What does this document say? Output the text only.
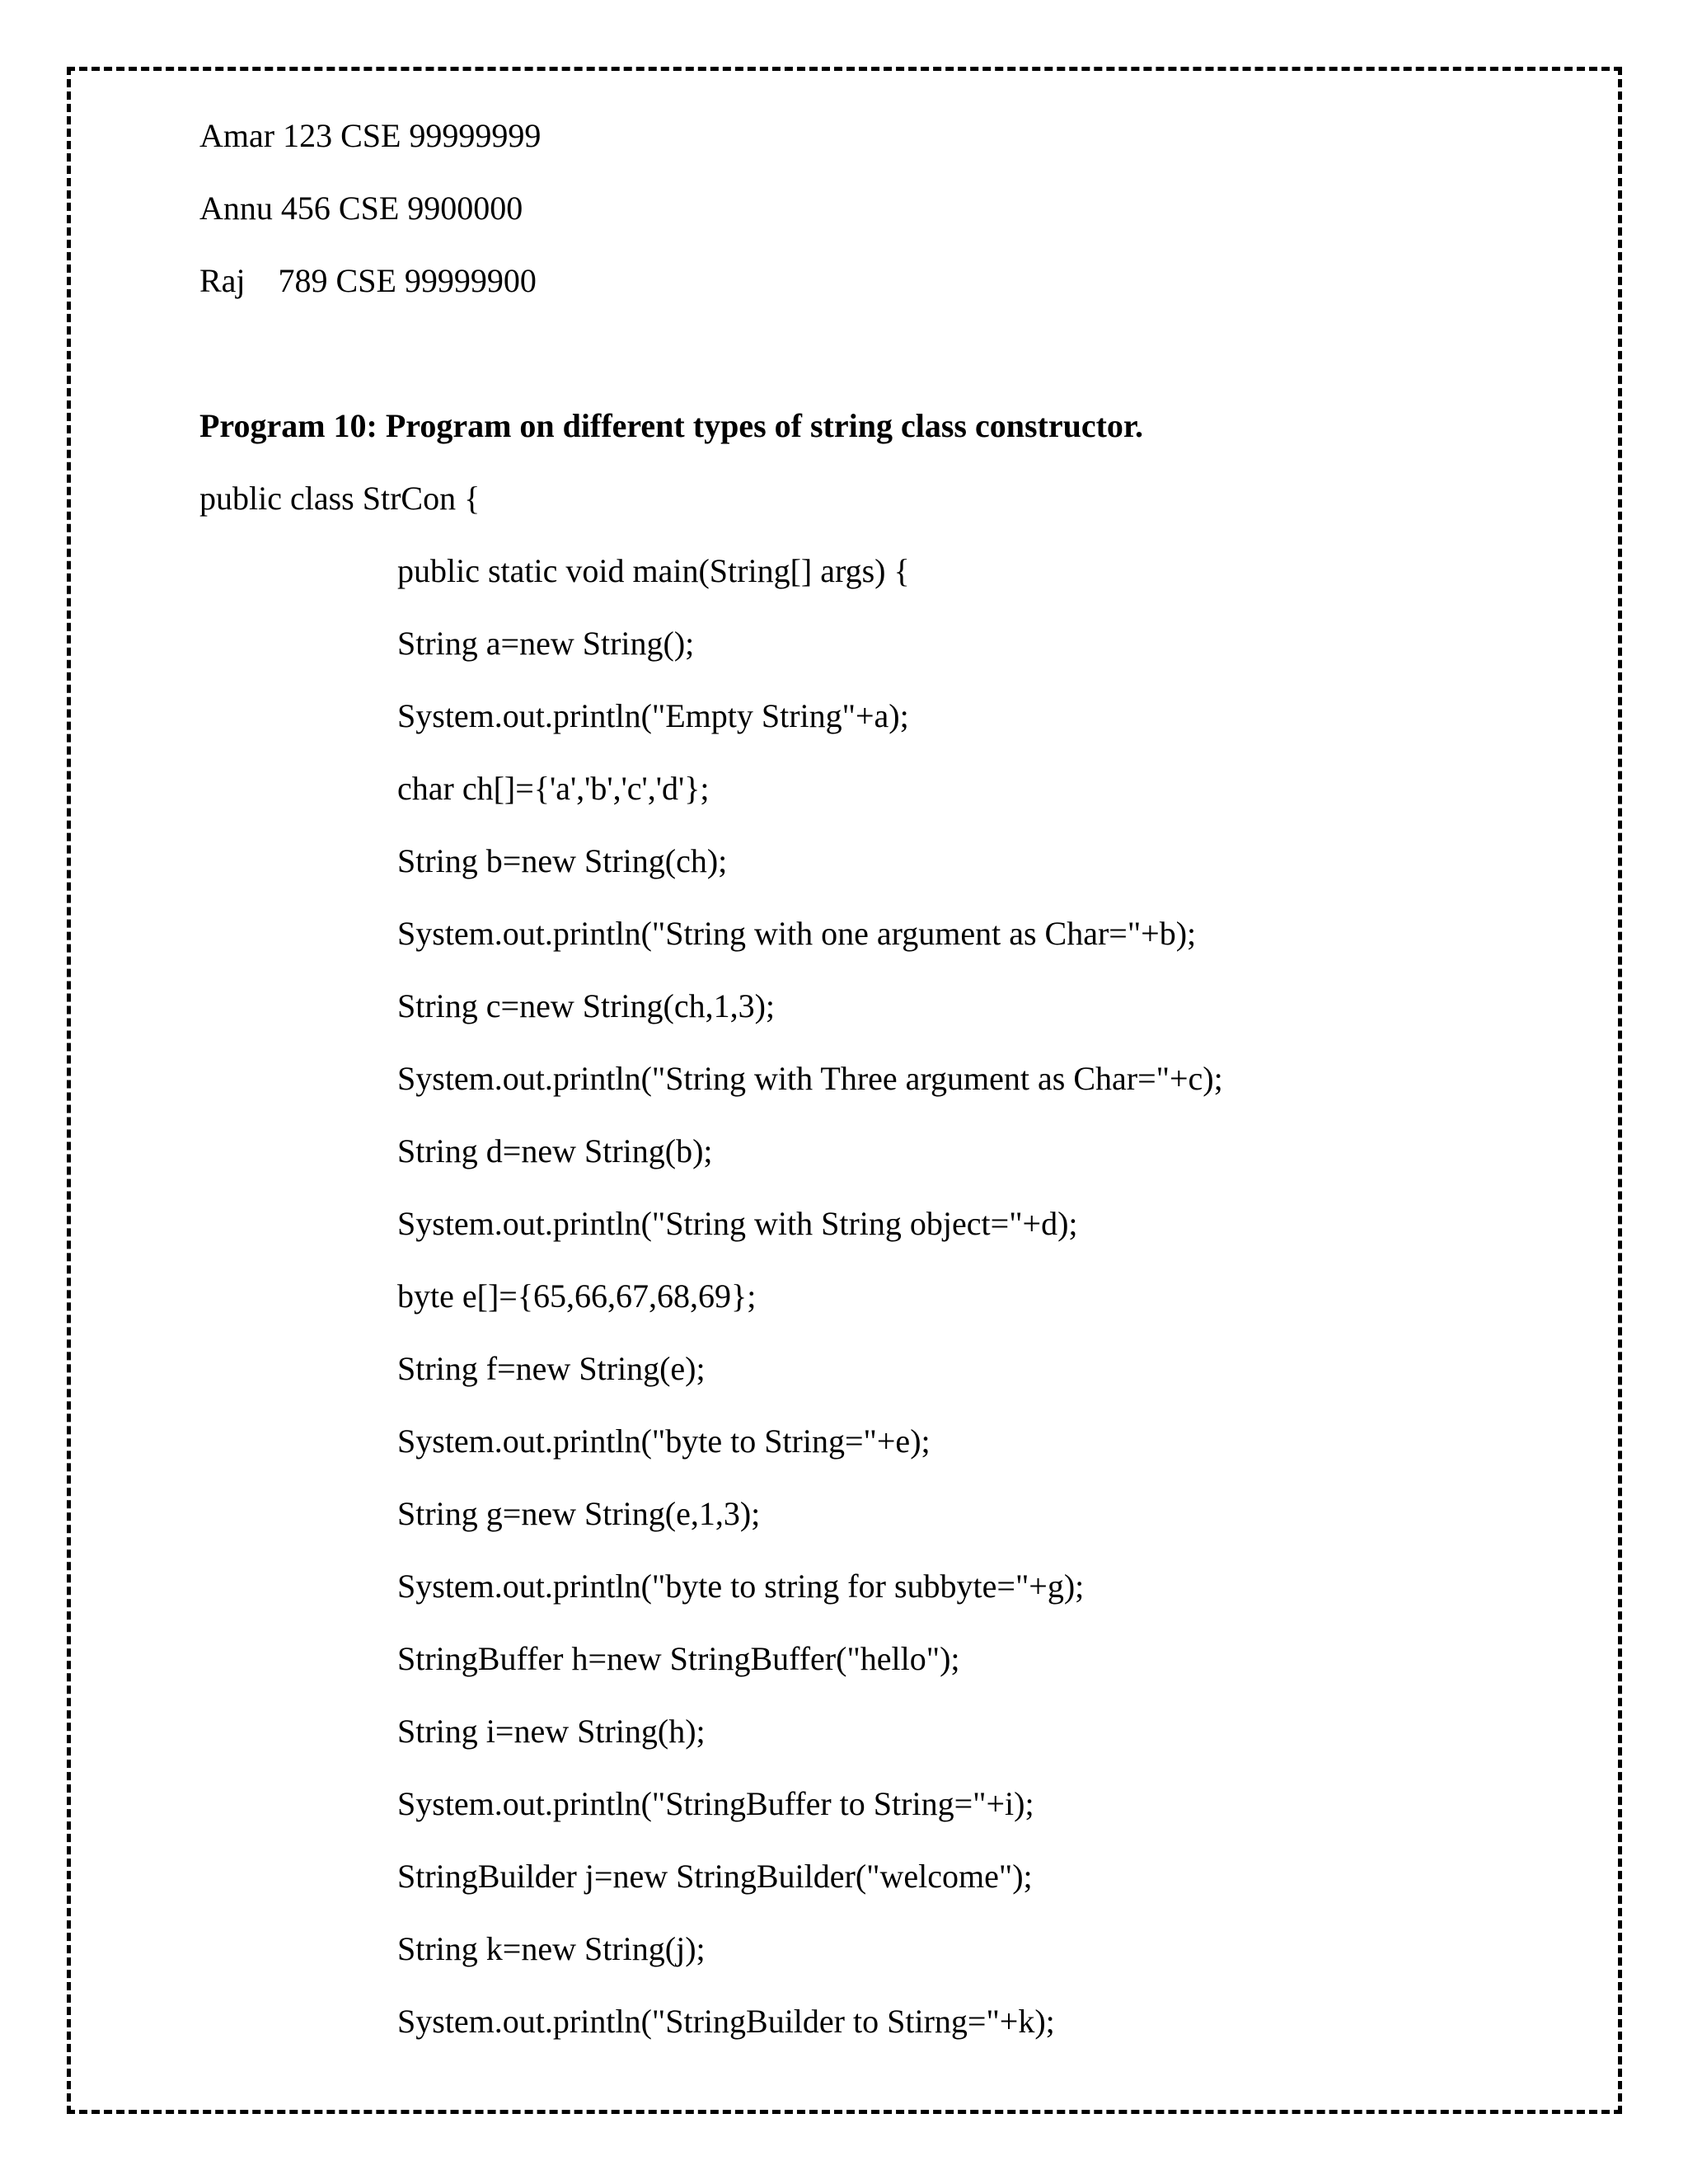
Amar 123 CSE 99999999

Annu 456 CSE 9900000

Raj    789 CSE 99999900

Program 10: Program on different types of string class constructor.

public class StrCon {

public static void main(String[] args) {

String a=new String();

System.out.println("Empty String"+a);

char ch[]={'a','b','c','d'};

String b=new String(ch);

System.out.println("String with one argument as Char="+b);

String c=new String(ch,1,3);

System.out.println("String with Three argument as Char="+c);

String d=new String(b);

System.out.println("String with String object="+d);

byte e[]={65,66,67,68,69};

String f=new String(e);

System.out.println("byte to String="+e);

String g=new String(e,1,3);

System.out.println("byte to string for subbyte="+g);

StringBuffer h=new StringBuffer("hello");

String i=new String(h);

System.out.println("StringBuffer to String="+i);

StringBuilder j=new StringBuilder("welcome");

String k=new String(j);

System.out.println("StringBuilder to Stirng="+k);
